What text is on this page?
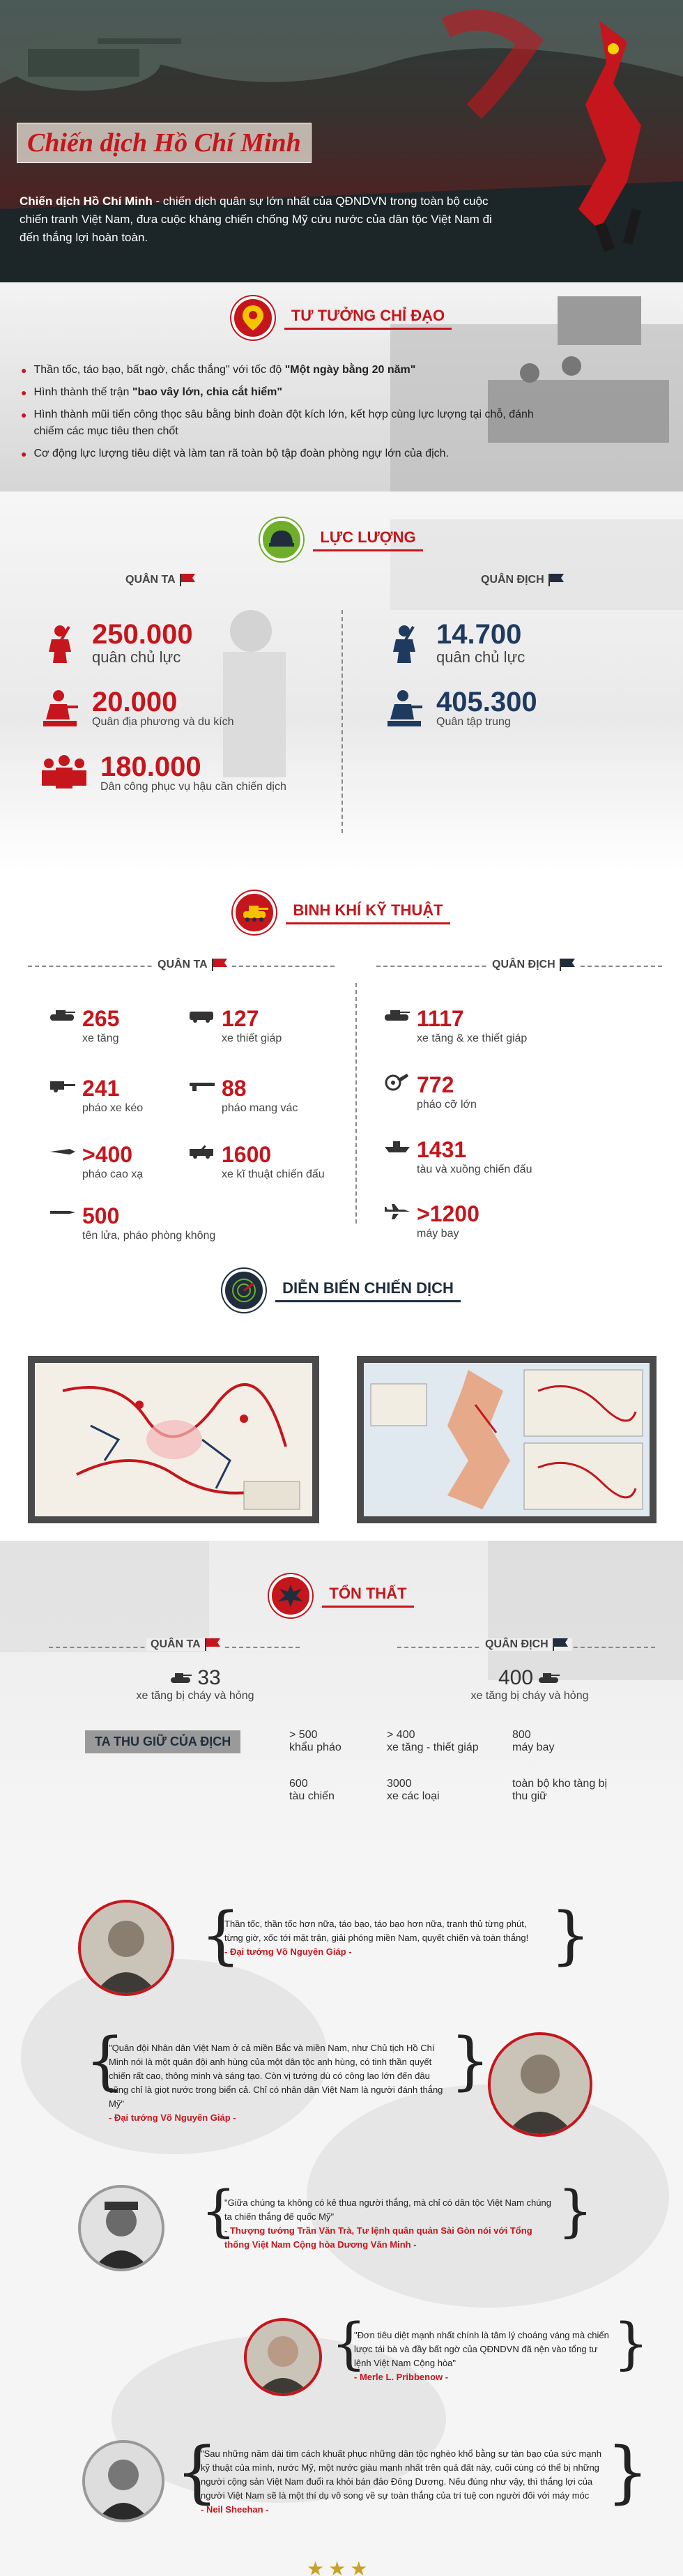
Chiến dịch Hồ Chí Minh
Chiến dịch Hồ Chí Minh - chiến dịch quân sự lớn nhất của QĐNDVN trong toàn bộ cuộc chiến tranh Việt Nam, đưa cuộc kháng chiến chống Mỹ cứu nước của dân tộc Việt Nam đi đến thắng lợi hoàn toàn.
TƯ TƯỞNG CHỈ ĐẠO
● Thần tốc, táo bạo, bất ngờ, chắc thắng" với tốc độ "Một ngày bằng 20 năm"
● Hình thành thế trận "bao vây lớn, chia cắt hiểm"
● Hình thành mũi tiến công thọc sâu bằng binh đoàn đột kích lớn, kết hợp cùng lực lượng tại chỗ, đánh chiếm các mục tiêu then chốt
● Cơ động lực lượng tiêu diệt và làm tan rã toàn bộ tập đoàn phòng ngự lớn của địch.
LỰC LƯỢNG
QUÂN TA	QUÂN ĐỊCH
250.000
quân chủ lực
20.000
Quân địa phương và du kích
180.000
Dân công phục vụ hậu cần chiến dịch
14.700
quân chủ lực
405.300
Quân tập trung
BINH KHÍ KỸ THUẬT
QUÂN TA	QUÂN ĐỊCH
265
xe tăng
127
xe thiết giáp
241
pháo xe kéo
88
pháo mang vác
>400
pháo cao xạ
1600
xe kĩ thuật chiến đấu
500
tên lửa, pháo phòng không
1117
xe tăng & xe thiết giáp
772
pháo cỡ lớn
1431
tàu và xuồng chiến đấu
>1200
máy bay
DIỄN BIẾN CHIẾN DỊCH
TỔN THẤT
QUÂN TA	QUÂN ĐỊCH
33
xe tăng bị cháy và hỏng
400
xe tăng bị cháy và hỏng
TA THU GIỮ CỦA ĐỊCH	> 500
khẩu pháo
> 400
xe tăng - thiết giáp
800
máy bay
600
tàu chiến
3000
xe các loại
toàn bộ kho tàng bị thu giữ
{
Thần tốc, thần tốc hơn nữa, táo bạo, táo bạo hơn nữa, tranh thủ từng phút, từng giờ, xốc tới mặt trận, giải phóng miền Nam, quyết chiến và toàn thắng!
- Đại tướng Võ Nguyên Giáp -	}
{
"Quân đội Nhân dân Việt Nam ở cả miền Bắc và miền Nam, như Chủ tịch Hồ Chí Minh nói là một quân đội anh hùng của một dân tộc anh hùng, có tinh thần quyết chiến rất cao, thông minh và sáng tạo. Còn vị tướng dù có công lao lớn đến đâu cũng chỉ là giọt nước trong biển cả. Chỉ có nhân dân Việt Nam là người đánh thắng Mỹ"
- Đại tướng Võ Nguyên Giáp -
}
{
"Giữa chúng ta không có kẻ thua người thắng, mà chỉ có dân tộc Việt Nam chúng ta chiến thắng đế quốc Mỹ"
- Thượng tướng Trần Văn Trà, Tư lệnh quân quản Sài Gòn nói với Tổng thống Việt Nam Cộng hòa Dương Văn Minh -
}
{
"Đơn tiêu diệt mạnh nhất chính là tâm lý choáng váng mà chiến lược tái bà và đầy bất ngờ của QĐNDVN đã nện vào tổng tư lệnh Việt Nam Cộng hòa"
- Merle L. Pribbenow -
}
{
"Sau những năm dài tìm cách khuất phục những dân tộc nghèo khổ bằng sự tàn bạo của sức mạnh kỹ thuật của mình, nước Mỹ, một nước giàu mạnh nhất trên quả đất này, cuối cùng có thể bị những người cộng sản Việt Nam đuổi ra khỏi bán đảo Đông Dương. Nếu đúng như vậy, thì thắng lợi của người Việt Nam sẽ là một thí dụ vô song về sự toàn thắng của trí tuệ con người đối với máy móc
- Neil Sheehan -	}
★ ★ ★
